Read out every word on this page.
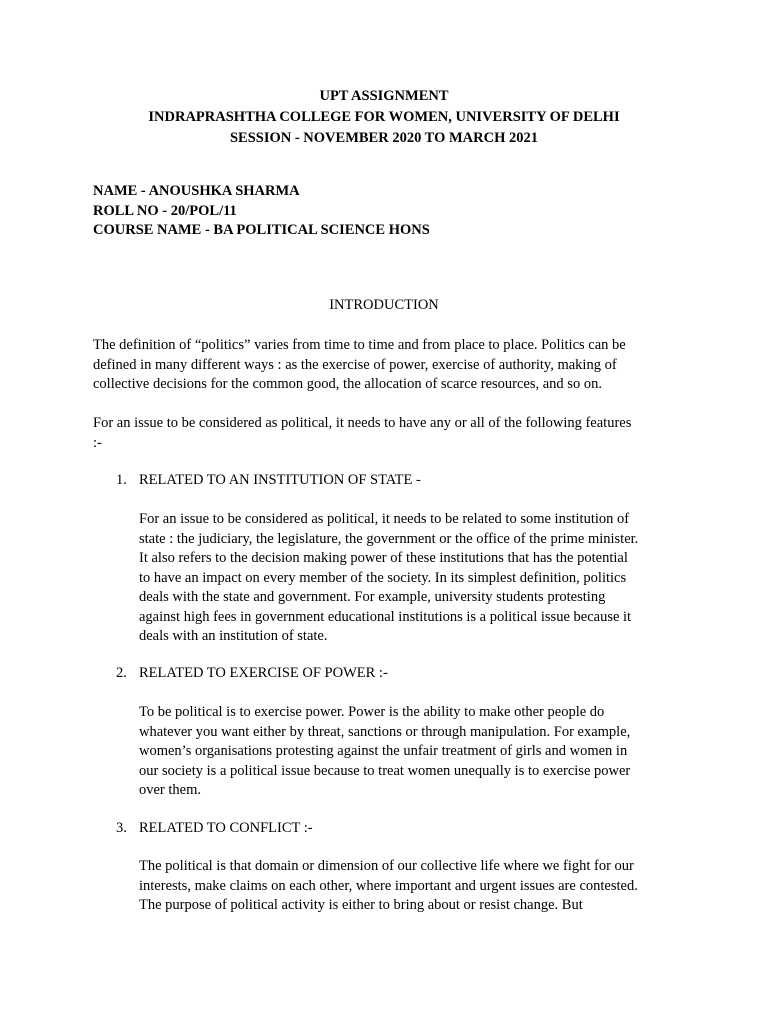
UPT ASSIGNMENT
INDRAPRASHTHA COLLEGE FOR WOMEN, UNIVERSITY OF DELHI
SESSION - NOVEMBER 2020 TO MARCH 2021
NAME - ANOUSHKA SHARMA
ROLL NO - 20/POL/11
COURSE NAME - BA POLITICAL SCIENCE HONS
INTRODUCTION
The definition of “politics” varies from time to time and from place to place. Politics can be
defined in many different ways : as the exercise of power, exercise of authority, making of
collective decisions for the common good, the allocation of scarce resources, and so on.
For an issue to be considered as political, it needs to have any or all of the following features
:-
1. RELATED TO AN INSTITUTION OF STATE -
For an issue to be considered as political, it needs to be related to some institution of
state : the judiciary, the legislature, the government or the office of the prime minister.
It also refers to the decision making power of these institutions that has the potential
to have an impact on every member of the society. In its simplest definition, politics
deals with the state and government. For example, university students protesting
against high fees in government educational institutions is a political issue because it
deals with an institution of state.
2. RELATED TO EXERCISE OF POWER :-
To be political is to exercise power. Power is the ability to make other people do
whatever you want either by threat, sanctions or through manipulation. For example,
women’s organisations protesting against the unfair treatment of girls and women in
our society is a political issue because to treat women unequally is to exercise power
over them.
3. RELATED TO CONFLICT :-
The political is that domain or dimension of our collective life where we fight for our
interests, make claims on each other, where important and urgent issues are contested.
The purpose of political activity is either to bring about or resist change. But
